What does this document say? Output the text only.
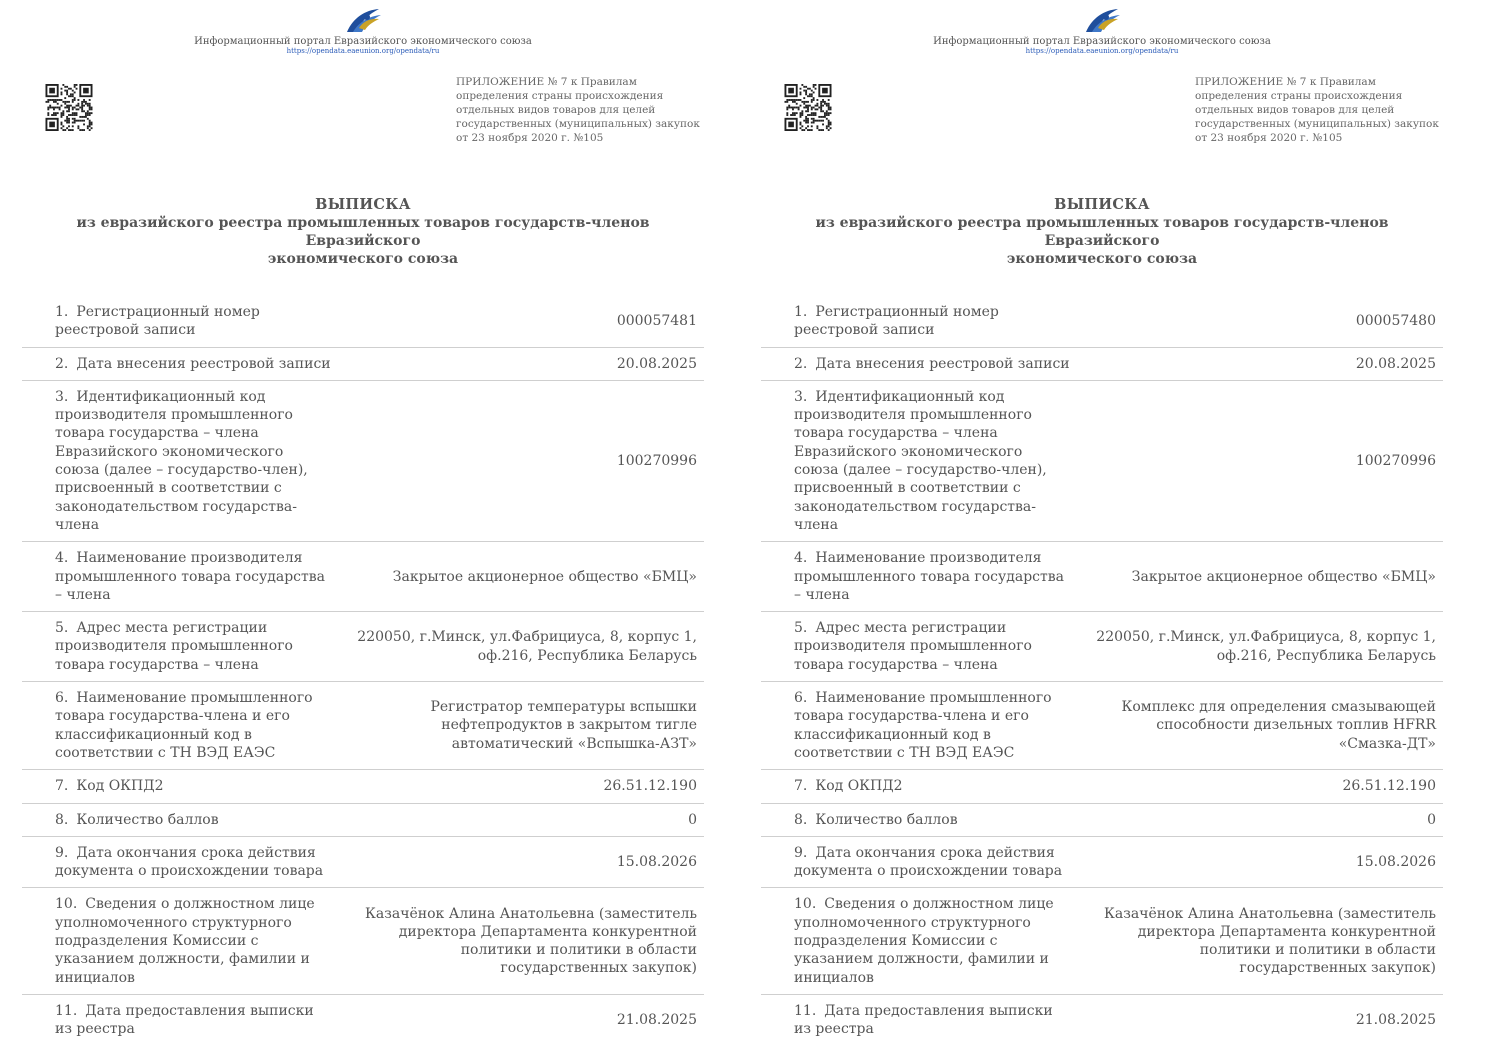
Информационный портал Евразийского экономического союза
https://opendata.eaeunion.org/opendata/ru
ПРИЛОЖЕНИЕ № 7 к Правилам определения страны происхождения отдельных видов товаров для целей государственных (муниципальных) закупок от 23 ноября 2020 г. №105
ВЫПИСКА
из евразийского реестра промышленных товаров государств-членов Евразийского
экономического союза
1. Регистрационный номер реестровой записи
000057481
2. Дата внесения реестровой записи	20.08.2025
3. Идентификационный код производителя промышленного товара государства – члена Евразийского экономического союза (далее – государство-член), присвоенный в соответствии с законодательством государства-члена
100270996
4. Наименование производителя промышленного товара государства – члена
Закрытое акционерное общество «БМЦ»
5. Адрес места регистрации производителя промышленного товара государства – члена
220050, г.Минск, ул.Фабрициуса, 8, корпус 1, оф.216, Республика Беларусь
6. Наименование промышленного товара государства-члена и его классификационный код в соответствии с ТН ВЭД ЕАЭС
Регистратор температуры вспышки нефтепродуктов в закрытом тигле автоматический «Вспышка-АЗТ»
7. Код ОКПД2	26.51.12.190
8. Количество баллов	0
9. Дата окончания срока действия документа о происхождении товара
15.08.2026
10. Сведения о должностном лице уполномоченного структурного подразделения Комиссии с указанием должности, фамилии и инициалов
Казачёнок Алина Анатольевна (заместитель директора Департамента конкурентной политики и политики в области государственных закупок)
11. Дата предоставления выписки из реестра
21.08.2025
Информационный портал Евразийского экономического союза
https://opendata.eaeunion.org/opendata/ru
ПРИЛОЖЕНИЕ № 7 к Правилам определения страны происхождения отдельных видов товаров для целей государственных (муниципальных) закупок от 23 ноября 2020 г. №105
ВЫПИСКА
из евразийского реестра промышленных товаров государств-членов Евразийского
экономического союза
1. Регистрационный номер реестровой записи
000057480
2. Дата внесения реестровой записи	20.08.2025
3. Идентификационный код производителя промышленного товара государства – члена Евразийского экономического союза (далее – государство-член), присвоенный в соответствии с законодательством государства-члена
100270996
4. Наименование производителя промышленного товара государства – члена
Закрытое акционерное общество «БМЦ»
5. Адрес места регистрации производителя промышленного товара государства – члена
220050, г.Минск, ул.Фабрициуса, 8, корпус 1, оф.216, Республика Беларусь
6. Наименование промышленного товара государства-члена и его классификационный код в соответствии с ТН ВЭД ЕАЭС
Комплекс для определения смазывающей способности дизельных топлив HFRR «Смазка-ДТ»
7. Код ОКПД2	26.51.12.190
8. Количество баллов	0
9. Дата окончания срока действия документа о происхождении товара
15.08.2026
10. Сведения о должностном лице уполномоченного структурного подразделения Комиссии с указанием должности, фамилии и инициалов
Казачёнок Алина Анатольевна (заместитель директора Департамента конкурентной политики и политики в области государственных закупок)
11. Дата предоставления выписки из реестра
21.08.2025
